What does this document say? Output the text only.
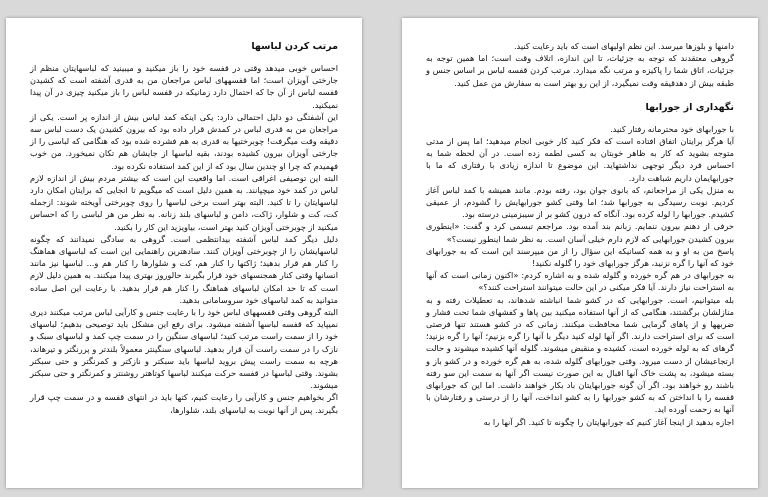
مرتب کردن لباسها

احساس خوبی میدهد وقتی در قفسه خود را باز میکنید و میبینید که لباسهایتان منظم از جارختی آویزان است؛ اما قفسههای لباس مراجعان من به قدری آشفته است که کشیدن قفسه لباس از آن جا که احتمال دارد زمانیکه در قفسه لباس را باز میکنید چیزی در آن پیدا نمیکنید.

این آشفتگی دو دلیل احتمالی دارد: یکی اینکه کمد لباس بیش از اندازه پر است. یکی از مراجعان من به قدری لباس در کمدش قرار داده بود که بیرون کشیدن یک دست لباس سه دقیقه وقت میگرفت! چوبرختیها به قدری به هم فشرده شده بود که هنگامی که لباسی را از جارختی آویزان بیرون کشیده بودند، بقیه لباسها از جایشان هم تکان نمیخورد. من خوب فهمیدم که چرا او چندین سال بود که از این کمد استفاده نکرده بود.

البته این توصیفی اغراقی است. اما واقعیت این است که بیشتر مردم بیش از اندازه لازم لباس در کمد خود میچپانند. به همین دلیل است که میگویم تا انجایی که برایتان امکان دارد لباسهایتان را تا کنید. البته بهتر است برخی لباسها را روی چوبرختی آویخته شوند: ازجمله کت، کت و شلوار، ژاکت، دامن و لباسهای بلند زنانه. به نظر من هر لباسی را که احساس میکنید از چوبرختی آویزان کنید بهتر است، بیاویزید این کار را بکنید.

دلیل دیگر کمد لباس آشفته بیدانتظمی است. گروهی به سادگی نمیدانند که چگونه لباسهایشان را از چوبرختی آویزان کنند. سادهترین راهنمایی این است که لباسهای هماهنگ را کنار هم قرار بدهید؛ ژاکتها را کنار هم، کت و شلوارها را کنار هم و... لباسها نیز مانند انسانها وقتی کنار همجنسهای خود قرار بگیرند حالوروز بهتری پیدا میکنند. به همین دلیل لازم است که تا حد امکان لباسهای هماهنگ را کنار هم قرار بدهید. با رعایت این اصل ساده متوانید به کمد لباسهای خود سروسامانی بدهید.

البته گروهی وقتی قفسههای لباس خود را با رعایت جنس و کارآیی لباس مرتب میکنند دیری نمیپاید که قفسه لباسها آشفته میشود. برای رفع این مشکل باید توصیحی بدهیم؛ لباسهای خود را از سمت راست مرتب کنید؛ لباسهای سنگین را در سمت چپ کمد و لباسهای سبک و نازک را در سمت راست آن قرار بدهید. لباسهای سنگینتر معمولاً بلندتر و پررنگتر و تیرهاند، هرچه به سمت راست پیش بروید لباسها باید سبکتر و نازکتر و کمرنگتر و حتی سبکتر بشوند. وقتی لباسها در قفسه حرکت میکنند لباسها کوتاهتر روشنتر و کمرنگتر و حتی سبکتر میشوند.

اگر بخواهیم جنس و کارآیی را رعایت کنیم، کتها باید در انتهای قفسه و در سمت چپ قرار بگیرند. پس از آنها نوبت به لباسهای بلند، شلوارها،

دامنها و بلوزها میرسد. این نظم اولیهای است که باید رعایت کنید.

گروهی معتقدند که توجه به جزئیات، تا این اندازه، اتلاف وقت است؛ اما همین توجه به جزئیات، اتاق شما را پاکیزه و مرتب نگه میدارد. مرتب کردن قفسه لباس بر اساس جنس و طبقه بیش از دهدقیقه وقت نمیگیرد، از این رو بهتر است به سفارش من عمل کنید.

نگهداری از جورابها

با جورابهای خود محترمانه رفتار کنید.

آیا هرگز برایتان اتفاق افتاده است که فکر کنید کار خوبی انجام میدهید؛ اما پس از مدتی متوجه بشوید که کار به ظاهر خوبتان به کسی لطمه زده است. در آن لحظه شما به احساس فرد دیگر توجهی نداشتهاید. این موضوع تا اندازه زیادی با رفتاری که ما با جورابهایمان داریم شباهت دارد.

به منزل یکی از مراجعانم، که بانوی جوان بود، رفته بودم. مانند همیشه با کمد لباس آغاز کردیم. نوبت رسیدگی به جورابها شد؛ اما وقتی کشو جورابهایش را گشودم، از عمیقی کشیدم. جورابها را لوله کرده بود. آنگاه که درون کشو بر از سیبزمینی درسته بود.

حرفی از دهنم بیرون ننمایم. زبانم بند آمده بود. مراجعم تبسمی کرد و گفت: «اینطوری بیرون کشیدن جورابهایی که لازم دارم خیلی آسان است. به نظر شما اینطور نیست؟»

پاسخ من به او و به همه کسانیکه این سؤال را از من میپرسند این است که به جورابهای خود که آنها را گره نزنید، هرگز جورابهای خود را گلوله نکنید!

به جورابهای در هم گره خورده و گلوله شده و به اشاره کردم: «اکنون زمانی است که آنها به استراحت نیاز دارند. آیا فکر میکنی در این حالت میتوانند استراحت کنند؟»

بله میتوانیم، است. جورابهایی که در کشو شما انباشته شدهاند، به تعطیلات رفته و به منازلشان برگشتند، هنگامی که از آنها استفاده میکنید بین پاها و کفشهای شما تحت فشار و ضربهها و از پاهای گرمایی شما محافظت میکنند. زمانی که در کشو هستند تنها فرصتی است که برای استراحت دارند. اگر آنها لوله کنید دیگر با آنها را گره بزنیم؛ آنها را گره بزنید؛ گرهای که به لوله خورده است، کشیده و منقبض میشوند. گلوله آنها کشیده میشوند و حالت ارتجاعیشان از دست میرود. وقتی جورابهای گلوله شده، به هم گره خورده و در کشو باز و بسته میشود، به پشت خاک آنها اقبال به این صورت نیست اگر آنها به سمت این سو رفته باشند رو خواهند بود. اگر آن گونه جورابهایتان باد بکار خواهند داشت. اما این که جورابهای قفسه را با انداختن که به کشو جورابها را به کشو انداخت، آنها را از درستی و رفتارشان با آنها به زحمت آورده اید.

اجازه بدهید از اینجا آغاز کنیم که جورابهایتان را چگونه تا کنید. اگر آنها را به
